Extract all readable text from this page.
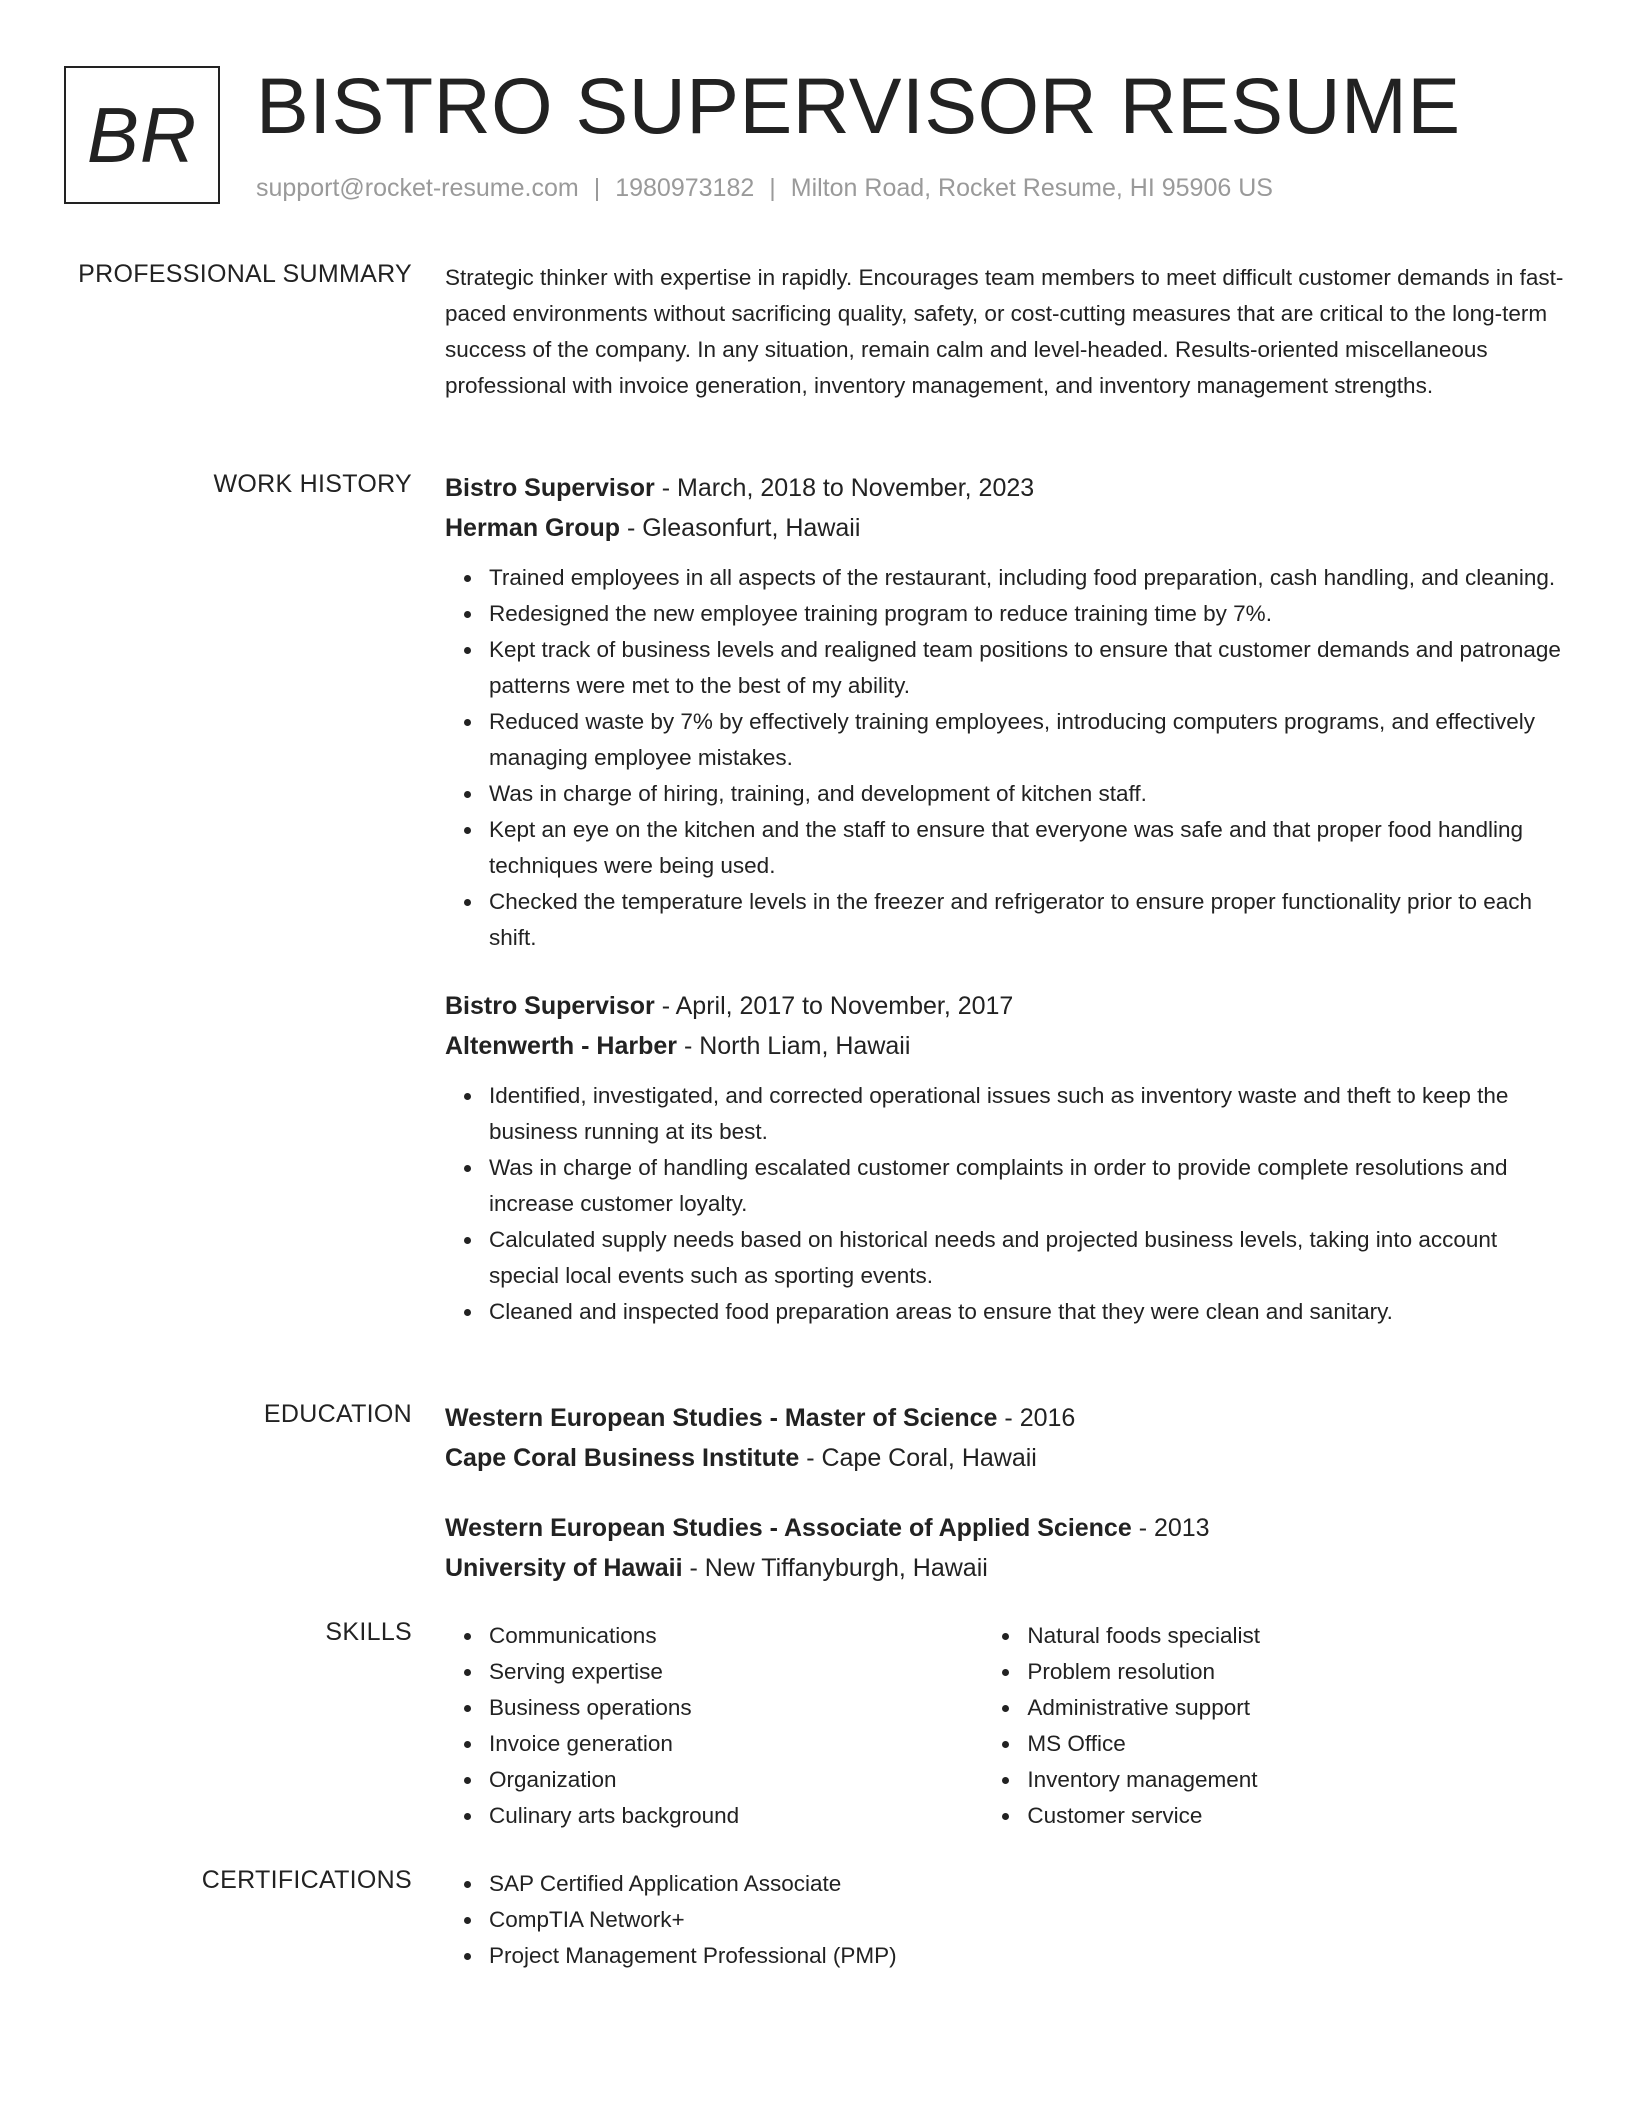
BR BISTRO SUPERVISOR RESUME
support@rocket-resume.com | 1980973182 | Milton Road, Rocket Resume, HI 95906 US
PROFESSIONAL SUMMARY Strategic thinker with expertise in rapidly. Encourages team members to meet difficult customer demands in fast-paced environments without sacrificing quality, safety, or cost-cutting measures that are critical to the long-term success of the company. In any situation, remain calm and level-headed. Results-oriented miscellaneous professional with invoice generation, inventory management, and inventory management strengths.

WORK HISTORY Bistro Supervisor - March, 2018 to November, 2023
Herman Group - Gleasonfurt, Hawaii
Trained employees in all aspects of the restaurant, including food preparation, cash handling, and cleaning.
Redesigned the new employee training program to reduce training time by 7%.
Kept track of business levels and realigned team positions to ensure that customer demands and patronage patterns were met to the best of my ability.
Reduced waste by 7% by effectively training employees, introducing computers programs, and effectively managing employee mistakes.
Was in charge of hiring, training, and development of kitchen staff.
Kept an eye on the kitchen and the staff to ensure that everyone was safe and that proper food handling techniques were being used.
Checked the temperature levels in the freezer and refrigerator to ensure proper functionality prior to each shift.
Bistro Supervisor - April, 2017 to November, 2017
Altenwerth - Harber - North Liam, Hawaii
Identified, investigated, and corrected operational issues such as inventory waste and theft to keep the business running at its best.
Was in charge of handling escalated customer complaints in order to provide complete resolutions and increase customer loyalty.
Calculated supply needs based on historical needs and projected business levels, taking into account special local events such as sporting events.
Cleaned and inspected food preparation areas to ensure that they were clean and sanitary.
EDUCATION Western European Studies - Master of Science - 2016
Cape Coral Business Institute - Cape Coral, Hawaii
Western European Studies - Associate of Applied Science - 2013
University of Hawaii - New Tiffanyburgh, Hawaii
SKILLS	Communications
Serving expertise
Business operations
Invoice generation
Organization
Culinary arts background
Natural foods specialist
Problem resolution
Administrative support
MS Office
Inventory management
Customer service
CERTIFICATIONS	SAP Certified Application Associate
CompTIA Network+
Project Management Professional (PMP)
